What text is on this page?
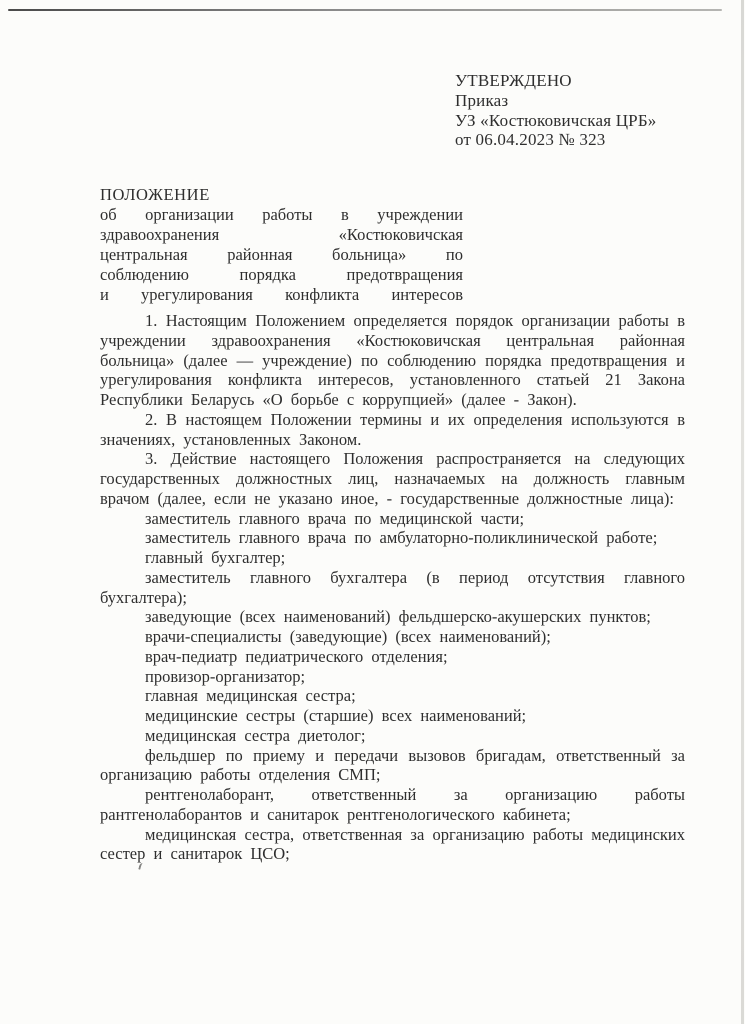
УТВЕРЖДЕНО
Приказ
УЗ «Костюковичская ЦРБ»
от 06.04.2023 № 323
ПОЛОЖЕНИЕ
об организации работы в учреждении
здравоохранения «Костюковичская
центральная районная больница» по
соблюдению порядка предотвращения
и урегулирования конфликта интересов

1. Настоящим Положением определяется порядок организации работы в учреждении здравоохранения «Костюковичская центральная районная больница» (далее — учреждение) по соблюдению порядка предотвращения и урегулирования конфликта интересов, установленного статьей 21 Закона Республики Беларусь «О борьбе с коррупцией» (далее - Закон).

2. В настоящем Положении термины и их определения используются в значениях, установленных Законом.

3. Действие настоящего Положения распространяется на следующих государственных должностных лиц, назначаемых на должность главным врачом (далее, если не указано иное, - государственные должностные лица):

заместитель главного врача по медицинской части;

заместитель главного врача по амбулаторно-поликлинической работе;

главный бухгалтер;

заместитель главного бухгалтера (в период отсутствия главного бухгалтера);

заведующие (всех наименований) фельдшерско-акушерских пунктов;

врачи-специалисты (заведующие) (всех наименований);

врач-педиатр педиатрического отделения;

провизор-организатор;

главная медицинская сестра;

медицинские сестры (старшие) всех наименований;

медицинская сестра диетолог;

фельдшер по приему и передачи вызовов бригадам, ответственный за организацию работы отделения СМП;

рентгенолаборант, ответственный за организацию работы рантгенолаборантов и санитарок рентгенологического кабинета;

медицинская сестра, ответственная за организацию работы медицинских сестер и санитарок ЦСО;
